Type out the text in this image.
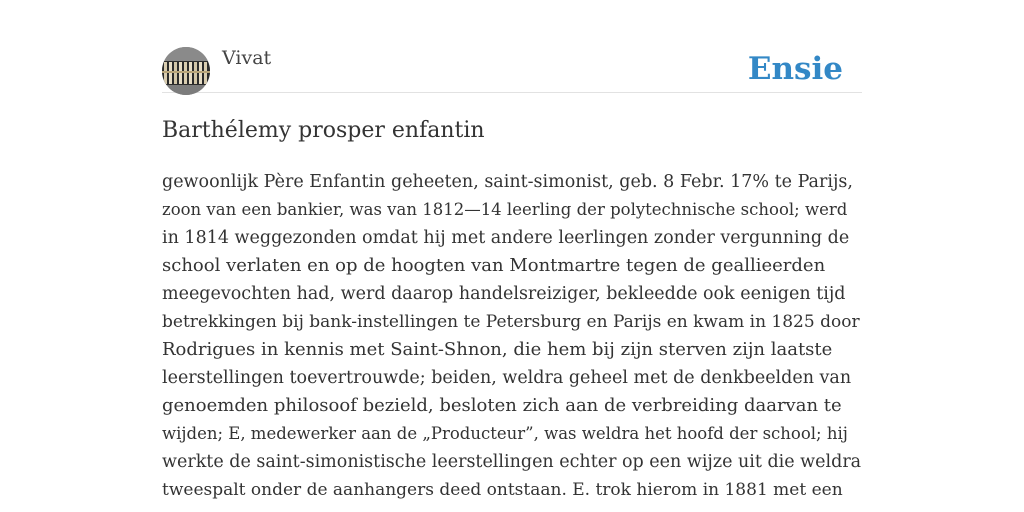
Vivat	Ensie
Barthélemy prosper enfantin
gewoonlijk Père Enfantin geheeten, saint-simonist, geb. 8 Febr. 17% te Parijs,
zoon van een bankier, was van 1812—14 leerling der polytechnische school; werd
in 1814 weggezonden omdat hij met andere leerlingen zonder vergunning de
school verlaten en op de hoogten van Montmartre tegen de geallieerden
meegevochten had, werd daarop handelsreiziger, bekleedde ook eenigen tijd
betrekkingen bij bank-instellingen te Petersburg en Parijs en kwam in 1825 door
Rodrigues in kennis met Saint-Shnon, die hem bij zijn sterven zijn laatste
leerstellingen toevertrouwde; beiden, weldra geheel met de denkbeelden van
genoemden philosoof bezield, besloten zich aan de verbreiding daarvan te
wijden; E, medewerker aan de „Producteur”, was weldra het hoofd der school; hij
werkte de saint-simonistische leerstellingen echter op een wijze uit die weldra
tweespalt onder de aanhangers deed ontstaan. E. trok hierom in 1881 met een
